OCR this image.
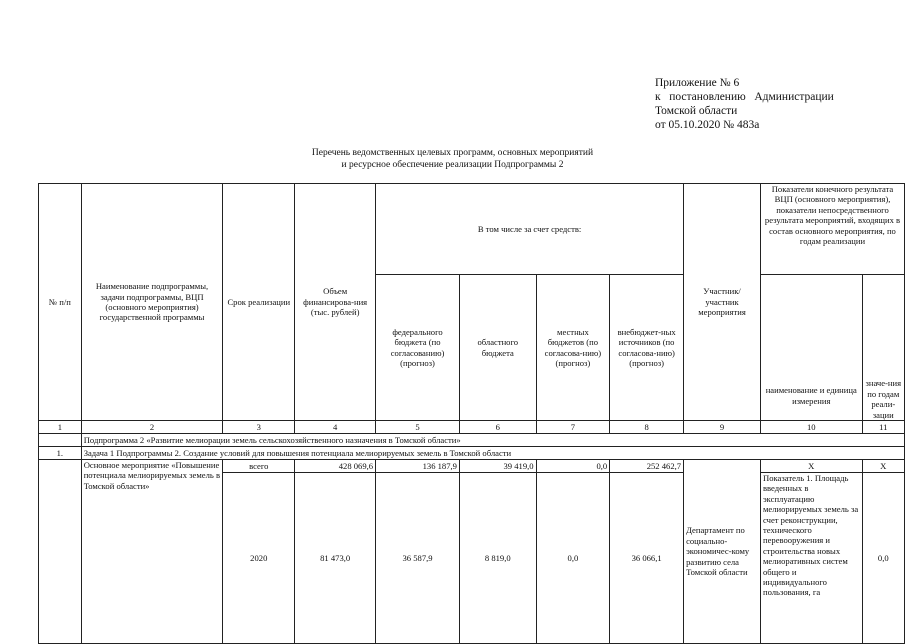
Приложение № 6
к   постановлению   Администрации
Томской области
от 05.10.2020 № 483а
Перечень ведомственных целевых программ, основных мероприятий
и ресурсное обеспечение реализации Подпрограммы 2
№ п/п	Наименование подпрограммы, задачи подпрограммы, ВЦП (основного мероприятия) государственной программы	Срок реализации	Объем финансирова-ния (тыс. рублей)	В том числе за счет средств:				Участник/ участник мероприятия	Показатели конечного результата ВЦП (основного мероприятия), показатели непосредственного результата мероприятий, входящих в состав основного мероприятия, по годам реализации	
				федерального бюджета (по согласованию) (прогноз)	областного бюджета	местных бюджетов (по согласова-нию) (прогноз)	внебюджет-ных источников (по согласова-нию) (прогноз)		наименование и единица измерения	значе-ния по годам реали-зации
1	2	3	4	5	6	7	8	9	10	11
	Подпрограмма 2 «Развитие мелиорации земель сельскохозяйственного назначения в Томской области»									
1.	Задача 1 Подпрограммы 2. Создание условий для повышения потенциала мелиорируемых земель в Томской области									
	Основное мероприятие «Повышение потенциала мелиорируемых земель в Томской области»	всего	428 069,6	136 187,9	39 419,0	0,0	252 462,7	Департамент по социально-экономичес-кому развитию села Томской области	X	X
		2020	81 473,0	36 587,9	8 819,0	0,0	36 066,1		Показатель 1. Площадь введенных в эксплуатацию мелиорируемых земель за счет реконструкции, технического перевооружения и строительства новых мелиоративных систем общего и индивидуального пользования, га	0,0
